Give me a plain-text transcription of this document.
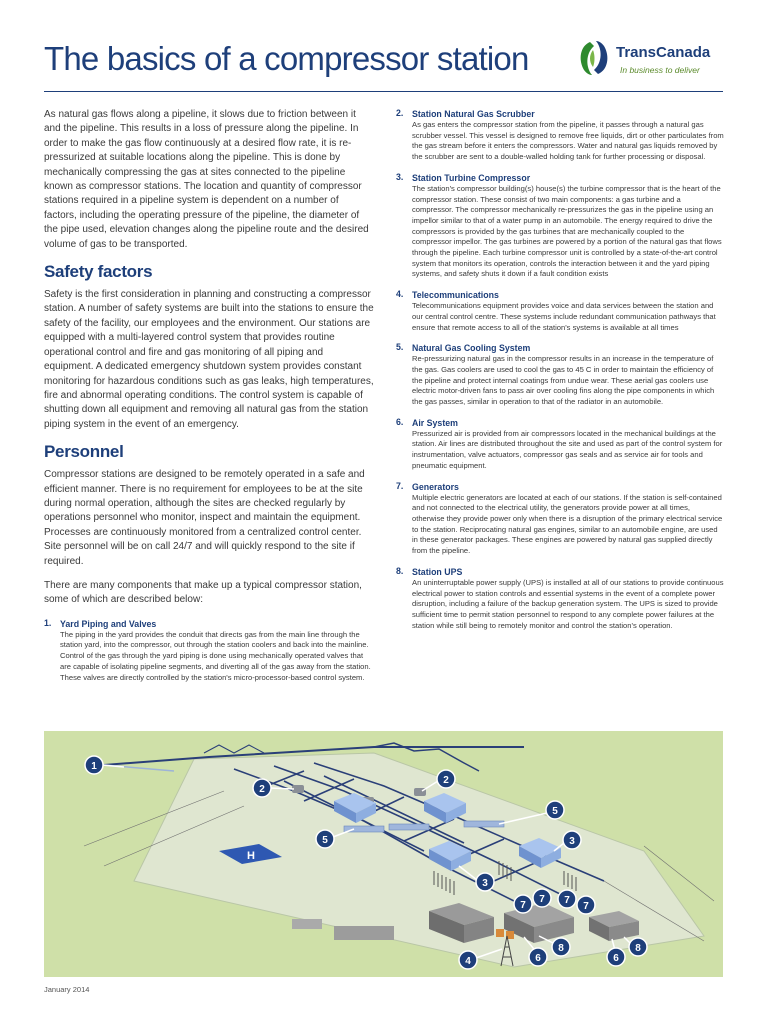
The basics of a compressor station	TransCanada
In business to deliver

As natural gas flows along a pipeline, it slows due to friction between it and the pipeline. This results in a loss of pressure along the pipeline. In order to make the gas flow continuously at a desired flow rate, it is re-pressurized at suitable locations along the pipeline. This is done by mechanically compressing the gas at sites connected to the pipeline known as compressor stations. The location and quantity of compressor stations required in a pipeline system is dependent on a number of factors, including the operating pressure of the pipeline, the diameter of the pipe used, elevation changes along the pipeline route and the desired volume of gas to be transported.

Safety factors

Safety is the first consideration in planning and constructing a compressor station. A number of safety systems are built into the stations to ensure the safety of the facility, our employees and the environment. Our stations are equipped with a multi-layered control system that provides routine operational control and fire and gas monitoring of all piping and equipment. A dedicated emergency shutdown system provides constant monitoring for hazardous conditions such as gas leaks, high temperatures, fire and abnormal operating conditions. The control system is capable of shutting down all equipment and removing all natural gas from the station piping system in the event of an emergency.

Personnel

Compressor stations are designed to be remotely operated in a safe and efficient manner. There is no requirement for employees to be at the site during normal operation, although the sites are checked regularly by operations personnel who monitor, inspect and maintain the equipment. Processes are continuously monitored from a centralized control center. Site personnel will be on call 24/7 and will quickly respond to the site if required.

There are many components that make up a typical compressor station, some of which are described below:

1. Yard Piping and Valves
The piping in the yard provides the conduit that directs gas from the main line through the station yard, into the compressor, out through the station coolers and back into the mainline. Control of the gas through the yard piping is done using mechanically operated valves that are capable of isolating pipeline segments, and diverting all of the gas away from the station. These valves are directly controlled by the station's micro-processor-based control system.
2. Station Natural Gas Scrubber
As gas enters the compressor station from the pipeline, it passes through a natural gas scrubber vessel. This vessel is designed to remove free liquids, dirt or other particulates from the gas stream before it enters the compressors. Water and natural gas liquids removed by the scrubber are sent to a double-walled holding tank for further processing or disposal.
3. Station Turbine Compressor
The station's compressor building(s) house(s) the turbine compressor that is the heart of the compressor station. These consist of two main components: a gas turbine and a compressor. The compressor mechanically re-pressurizes the gas in the pipeline using an impellor similar to that of a water pump in an automobile. The energy required to drive the compressors is provided by the gas turbines that are mechanically coupled to the compressor impellor. The gas turbines are powered by a portion of the natural gas that flows through the pipeline. Each turbine compressor unit is controlled by a state-of-the-art control system that monitors its operation, controls the interaction between it and the yard piping systems, and safety shuts it down if a fault condition exists
4. Telecommunications
Telecommunications equipment provides voice and data services between the station and our central control centre. These systems include redundant communication pathways that ensure that remote access to all of the station's systems is available at all times
5. Natural Gas Cooling System
Re-pressurizing natural gas in the compressor results in an increase in the temperature of the gas. Gas coolers are used to cool the gas to 45 C in order to maintain the efficiency of the pipeline and protect internal coatings from undue wear. These aerial gas coolers use electric motor-driven fans to pass air over cooling fins along the pipe components in which the gas passes, similar in operation to that of the radiator in an automobile.
6. Air System
Pressurized air is provided from air compressors located in the mechanical buildings at the station. Air lines are distributed throughout the site and used as part of the control system for instrumentation, valve actuators, compressor gas seals and as service air for tools and pneumatic equipment.
7. Generators
Multiple electric generators are located at each of our stations. If the station is self-contained and not connected to the electrical utility, the generators provide power at all times, otherwise they provide power only when there is a disruption of the primary electrical service to the station. Reciprocating natural gas engines, similar to an automobile engine, are used in these generator packages. These engines are powered by natural gas supplied directly from the pipeline.
8. Station UPS
An uninterruptable power supply (UPS) is installed at all of our stations to provide continuous electrical power to station controls and essential systems in the event of a complete power disruption, including a failure of the backup generation system. The UPS is sized to provide sufficient time to permit station personnel to respond to any complete power failures at the station while still being to remotely monitor and control the station's operation.
H
1
2
2
3
3
4
5
5
6	6
7
7 7
7
8	8
January 2014
